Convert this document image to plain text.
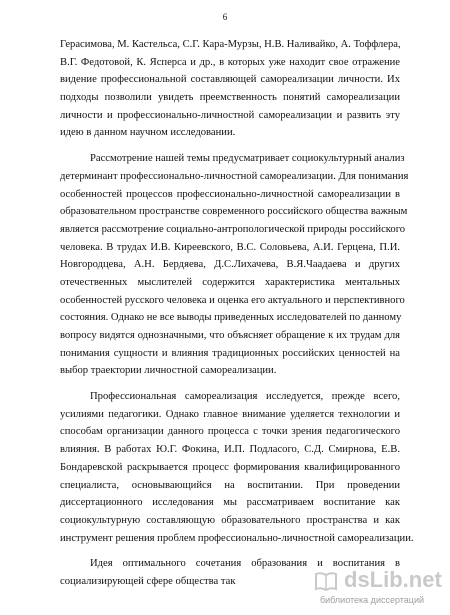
6
Герасимова, М. Кастельса, С.Г. Кара-Мурзы, Н.В. Наливайко, А. Тоффлера,
В.Г. Федотовой, К. Ясперса и др., в которых уже находит свое отражение
видение профессиональной составляющей самореализации личности. Их
подходы позволили увидеть преемственность понятий самореализации
личности и профессионально-личностной самореализации и развить эту
идею в данном научном исследовании.
Рассмотрение нашей темы предусматривает социокультурный анализ
детерминант профессионально-личностной самореализации. Для понимания
особенностей процессов профессионально-личностной самореализации в
образовательном пространстве современного российского общества важным
является рассмотрение социально-антропологической природы российского
человека. В трудах И.В. Киреевского, В.С. Соловьева, А.И. Герцена, П.И.
Новгородцева, А.Н. Бердяева, Д.С.Лихачева, В.Я.Чаадаева и других
отечественных мыслителей содержится характеристика ментальных
особенностей русского человека и оценка его актуального и перспективного
состояния. Однако не все выводы приведенных исследователей по данному
вопросу видятся однозначными, что объясняет обращение к их трудам для
понимания сущности и влияния традиционных российских ценностей на
выбор траектории личностной самореализации.
Профессиональная самореализация исследуется, прежде всего,
усилиями педагогики. Однако главное внимание уделяется технологии и
способам организации данного процесса с точки зрения педагогического
влияния. В работах Ю.Г. Фокина, И.П. Подласого, С.Д. Смирнова, Е.В.
Бондаревской раскрывается процесс формирования квалифицированного
специалиста, основывающийся на воспитании. При проведении
диссертационного исследования мы рассматриваем воспитание как
социокультурную составляющую образовательного пространства и как
инструмент решения проблем профессионально-личностной самореализации.
Идея оптимального сочетания образования и воспитания в
социализирующей сфере общества так	dsLib.net
библиотека диссертаций
